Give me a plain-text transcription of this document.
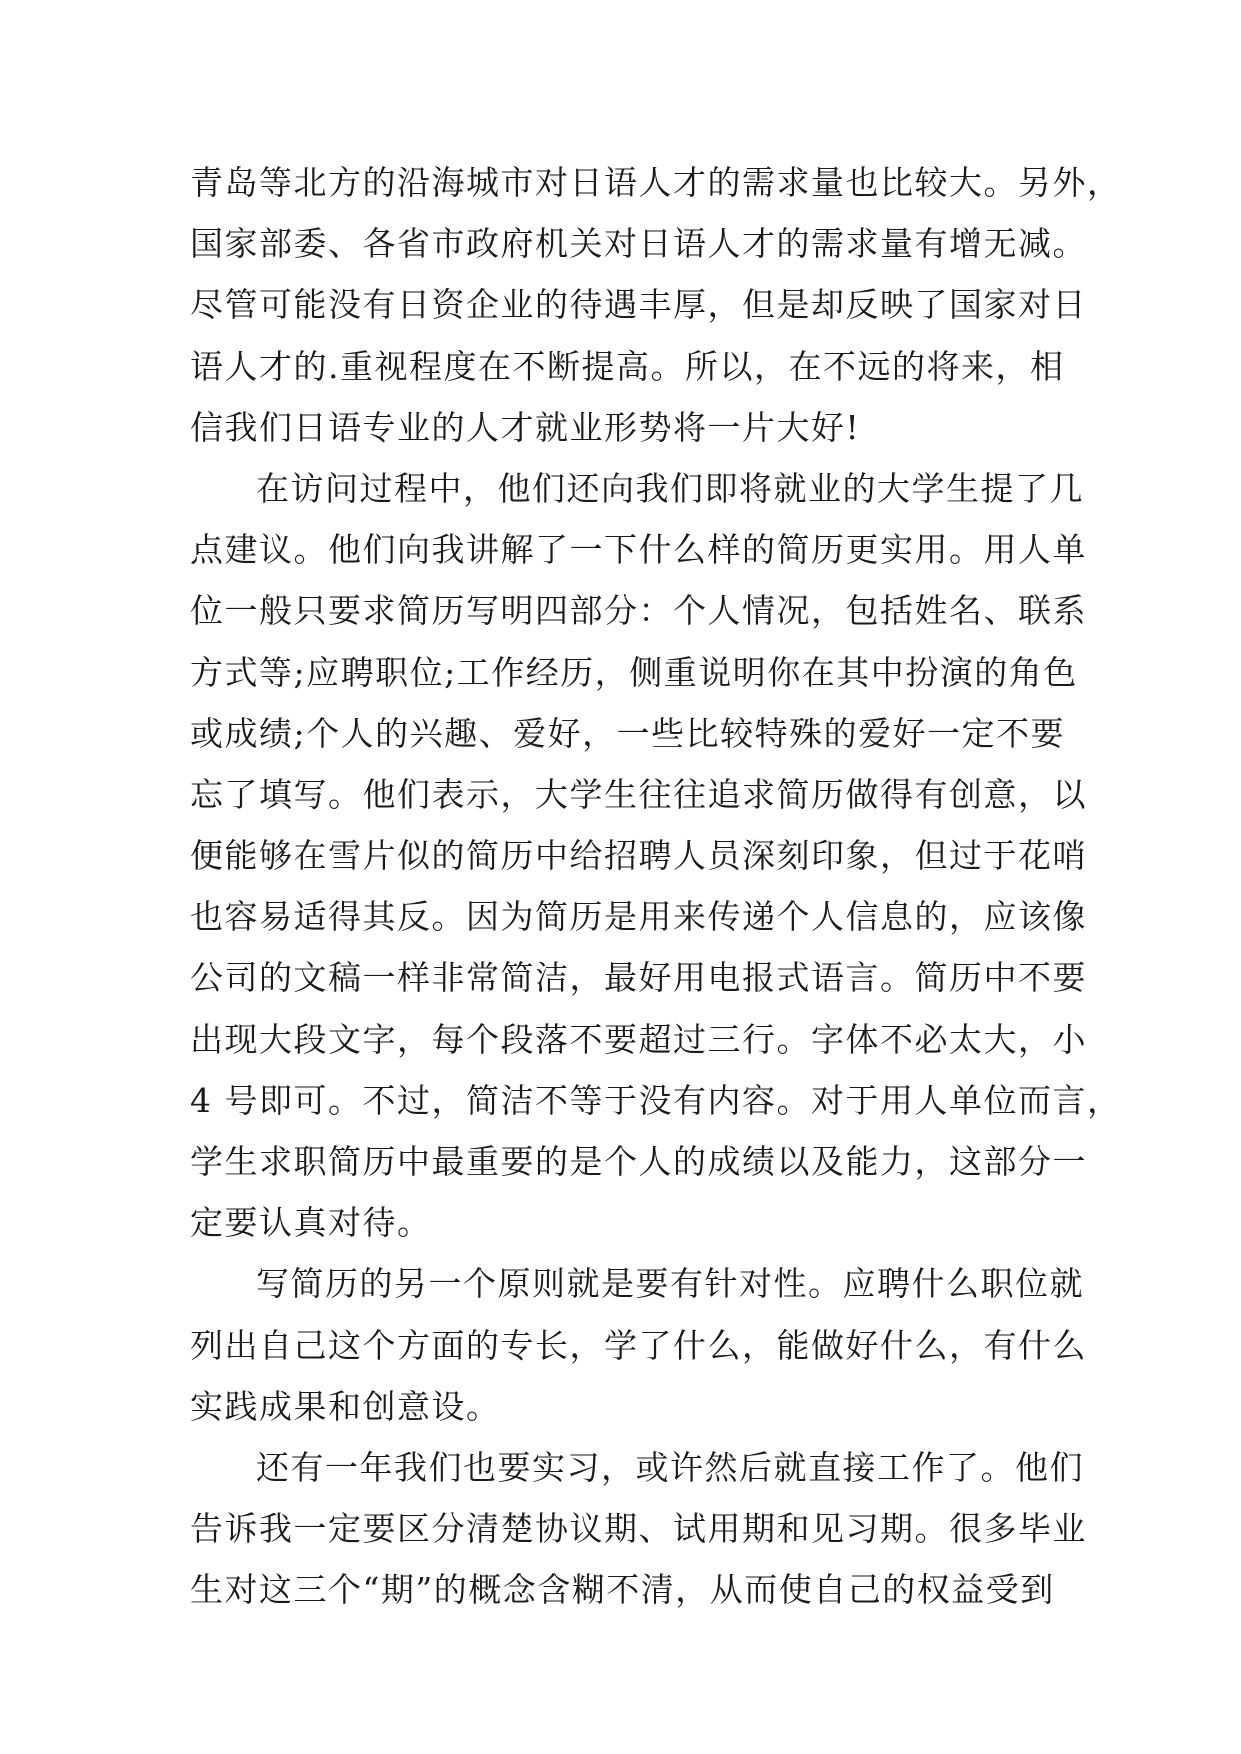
青岛等北方的沿海城市对日语人才的需求量也比较大。另外，
国家部委、各省市政府机关对日语人才的需求量有增无减。
尽管可能没有日资企业的待遇丰厚，但是却反映了国家对日
语人才的.重视程度在不断提高。所以，在不远的将来，相
信我们日语专业的人才就业形势将一片大好!
在访问过程中，他们还向我们即将就业的大学生提了几
点建议。他们向我讲解了一下什么样的简历更实用。用人单
位一般只要求简历写明四部分：个人情况，包括姓名、联系
方式等;应聘职位;工作经历，侧重说明你在其中扮演的角色
或成绩;个人的兴趣、爱好，一些比较特殊的爱好一定不要
忘了填写。他们表示，大学生往往追求简历做得有创意，以
便能够在雪片似的简历中给招聘人员深刻印象，但过于花哨
也容易适得其反。因为简历是用来传递个人信息的，应该像
公司的文稿一样非常简洁，最好用电报式语言。简历中不要
出现大段文字，每个段落不要超过三行。字体不必太大，小
4 号即可。不过，简洁不等于没有内容。对于用人单位而言，
学生求职简历中最重要的是个人的成绩以及能力，这部分一
定要认真对待。
写简历的另一个原则就是要有针对性。应聘什么职位就
列出自己这个方面的专长，学了什么，能做好什么，有什么
实践成果和创意设。
还有一年我们也要实习，或许然后就直接工作了。他们
告诉我一定要区分清楚协议期、试用期和见习期。很多毕业
生对这三个“期”的概念含糊不清，从而使自己的权益受到
